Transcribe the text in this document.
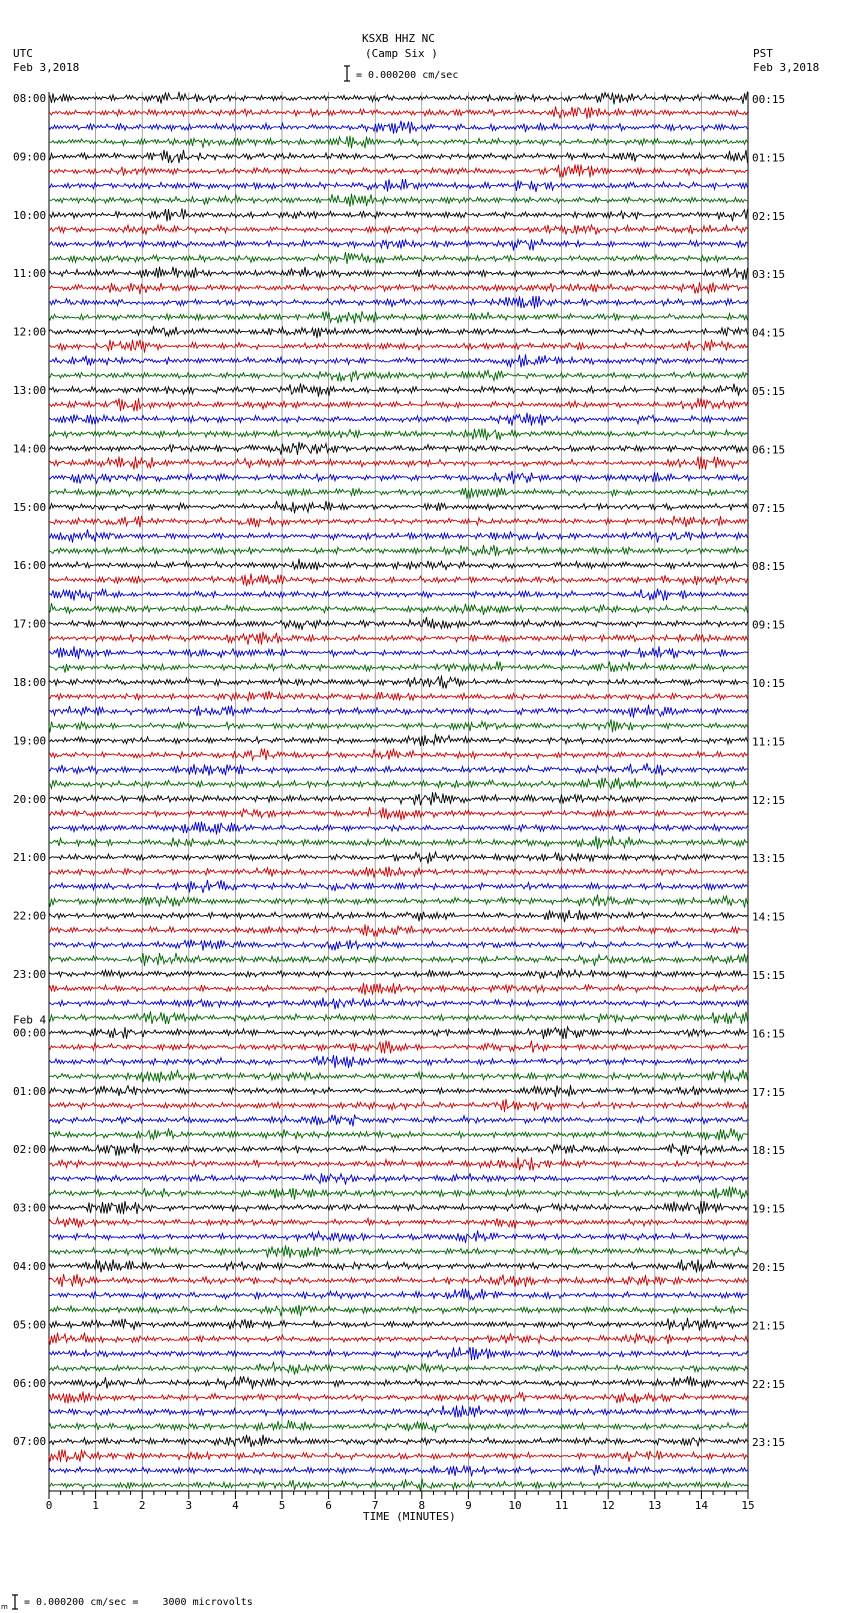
0	1	2	3	4	5	6	7	8	9	10	11	12	13	14	15
08:00	00:15
09:00	01:15
10:00	02:15
11:00	03:15
12:00	04:15
13:00	05:15
14:00	06:15
15:00	07:15
16:00	08:15
17:00	09:15
18:00	10:15
19:00	11:15
20:00	12:15
21:00	13:15
22:00	14:15
23:00	15:15
00:00	16:15
Feb 4
01:00	17:15
02:00	18:15
03:00	19:15
04:00	20:15
05:00	21:15
06:00	22:15
07:00	23:15
KSXB HHZ NC
(Camp Six )
UTC
Feb 3,2018
PST
Feb 3,2018
= 0.000200 cm/sec
TIME (MINUTES)
m = 0.000200 cm/sec =    3000 microvolts
